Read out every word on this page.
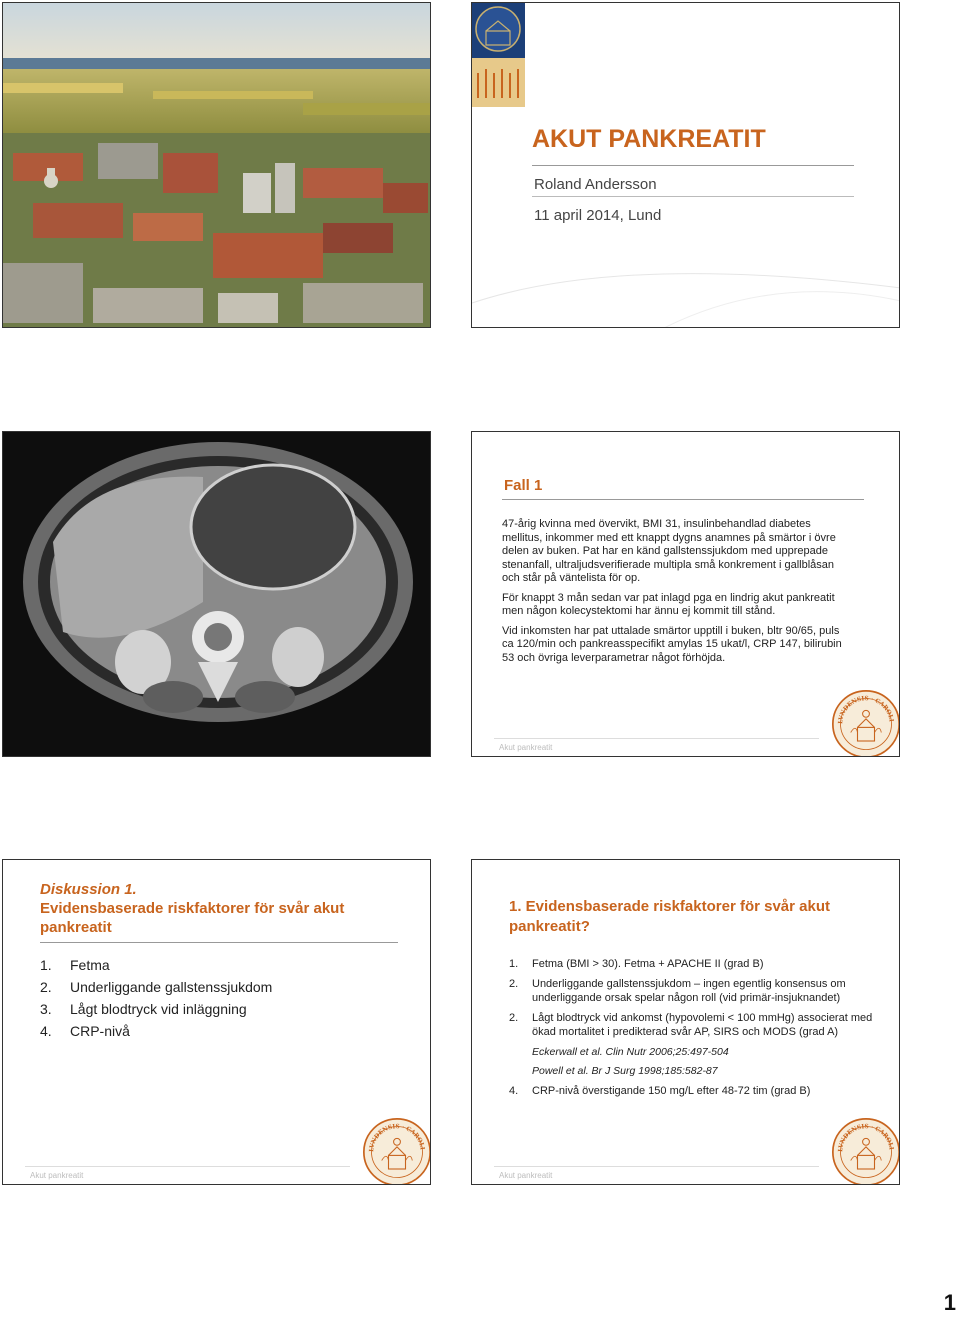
AKUT PANKREATIT
Roland Andersson
11 april 2014, Lund
Fall 1

47-årig kvinna med övervikt, BMI 31, insulinbehandlad diabetes mellitus, inkommer med ett knappt dygns anamnes på smärtor i övre delen av buken. Pat har en känd gallstenssjukdom med upprepade stenanfall, ultraljudsverifierade multipla små konkrement i gallblåsan och står på väntelista för op.

För knappt 3 mån sedan var pat inlagd pga en lindrig akut pankreatit men någon kolecystektomi har ännu ej kommit till stånd.

Vid inkomsten har pat uttalade smärtor upptill i buken, bltr 90/65, puls ca 120/min och pankreasspecifikt amylas 15 ukat/l, CRP 147, bilirubin 53 och övriga leverparametrar något förhöjda.

Akut pankreatit
Diskussion 1.
Evidensbaserade riskfaktorer för svår akut pankreatit
1. Fetma
2. Underliggande gallstenssjukdom
3. Lågt blodtryck vid inläggning
4. CRP-nivå
Akut pankreatit
1. Evidensbaserade riskfaktorer för svår akut pankreatit?
1. Fetma (BMI > 30). Fetma + APACHE II (grad B)
2. Underliggande gallstenssjukdom – ingen egentlig konsensus om underliggande orsak spelar någon roll (vid primär-insjuknandet)
2. Lågt blodtryck vid ankomst (hypovolemi < 100 mmHg) associerat med ökad mortalitet i predikterad svår AP, SIRS och MODS (grad A)
Eckerwall et al. Clin Nutr 2006;25:497-504
Powell et al. Br J Surg 1998;185:582-87
4. CRP-nivå överstigande 150 mg/L efter 48-72 tim (grad B)
Akut pankreatit
1
